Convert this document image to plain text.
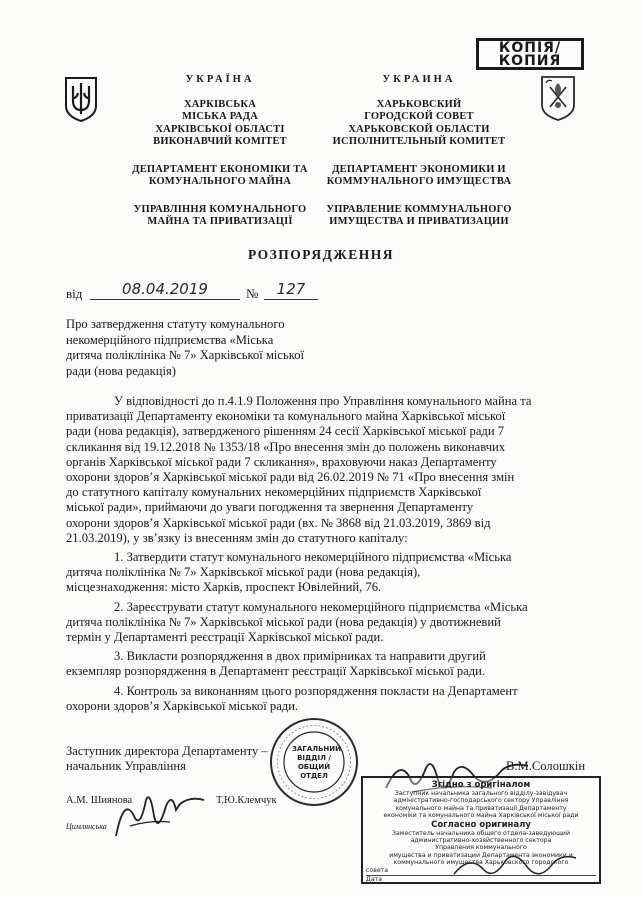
КОПІЯ/
КОПИЯ
УКРАЇНА
ХАРКІВСЬКА
МІСЬКА РАДА
ХАРКІВСЬКОЇ ОБЛАСТІ
ВИКОНАВЧИЙ КОМІТЕТ
ДЕПАРТАМЕНТ ЕКОНОМІКИ ТА
КОМУНАЛЬНОГО МАЙНА
УПРАВЛІННЯ КОМУНАЛЬНОГО
МАЙНА ТА ПРИВАТИЗАЦІЇ
УКРАИНА
ХАРЬКОВСКИЙ
ГОРОДСКОЙ СОВЕТ
ХАРЬКОВСКОЙ ОБЛАСТИ
ИСПОЛНИТЕЛЬНЫЙ КОМИТЕТ
ДЕПАРТАМЕНТ ЭКОНОМИКИ И
КОММУНАЛЬНОГО ИМУЩЕСТВА
УПРАВЛЕНИЕ КОММУНАЛЬНОГО
ИМУЩЕСТВА И ПРИВАТИЗАЦИИ
РОЗПОРЯДЖЕННЯ
від	08.04.2019	№	127
Про затвердження статуту комунального
некомерційного підприємства «Міська
дитяча поліклініка № 7» Харківської міської
ради (нова редакція)
У відповідності до п.4.1.9 Положення про Управління комунального майна та
приватизації Департаменту економіки та комунального майна Харківської міської
ради (нова редакція), затвердженого рішенням 24 сесії Харківської міської ради 7
скликання від 19.12.2018 № 1353/18 «Про внесення змін до положень виконавчих
органів Харківської міської ради 7 скликання», враховуючи наказ Департаменту
охорони здоров’я Харківської міської ради від 26.02.2019 № 71 «Про внесення змін
до статутного капіталу комунальних некомерційних підприємств Харківської
міської ради», приймаючи до уваги погодження та звернення Департаменту
охорони здоров’я Харківської міської ради (вх. № 3868 від 21.03.2019, 3869 від
21.03.2019), у зв’язку із внесенням змін до статутного капіталу:
1. Затвердити статут комунального некомерційного підприємства «Міська
дитяча поліклініка № 7» Харківської міської ради (нова редакція),
місцезнаходження: місто Харків, проспект Ювілейний, 76.
2. Зареєструвати статут комунального некомерційного підприємства «Міська
дитяча поліклініка № 7» Харківської міської ради (нова редакція) у двотижневий
термін у Департаменті реєстрації Харківської міської ради.
3. Викласти розпорядження в двох примірниках та направити другий
екземпляр розпорядження в Департамент реєстрації Харківської міської ради.
4. Контроль за виконанням цього розпорядження покласти на Департамент
охорони здоров’я Харківської міської ради.
Заступник директора Департаменту –
начальник Управління	В.М.Солошкін
А.М. Шиянова	Т.Ю.Клемчук
Цимлянська
ЗАГАЛЬНИЙ ВІДДІЛ / ОБЩИЙ ОТДЕЛ
Згідно з оригіналом
Заступник начальника загального відділу-завідувач
адміністративно-господарського сектору Управління
комунального майна та приватизації Департаменту
економіки та комунального майна Харківської міської ради
Согласно оригиналу
Заместитель начальника общего отдела-заведующий
административно-хозяйственного сектора
Управления коммунального
имущества и приватизации Департамента экономики и
коммунального имущества Харьковского городского
совета
Дата
